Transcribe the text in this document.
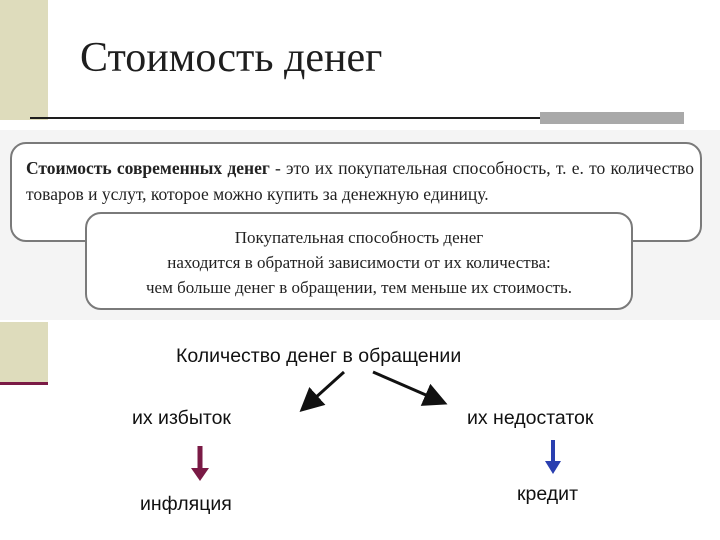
Стоимость денег
Стоимость современных денег - это их покупательная способность, т. е. то количество товаров и услут, которое можно купить за денежную единицу.
Покупательная способность денег
находится в обратной зависимости от их количества:
чем больше денег в обращении, тем меньше их стоимость.
Количество денег в обращении
их избыток	их недостаток
инфляция	кредит
